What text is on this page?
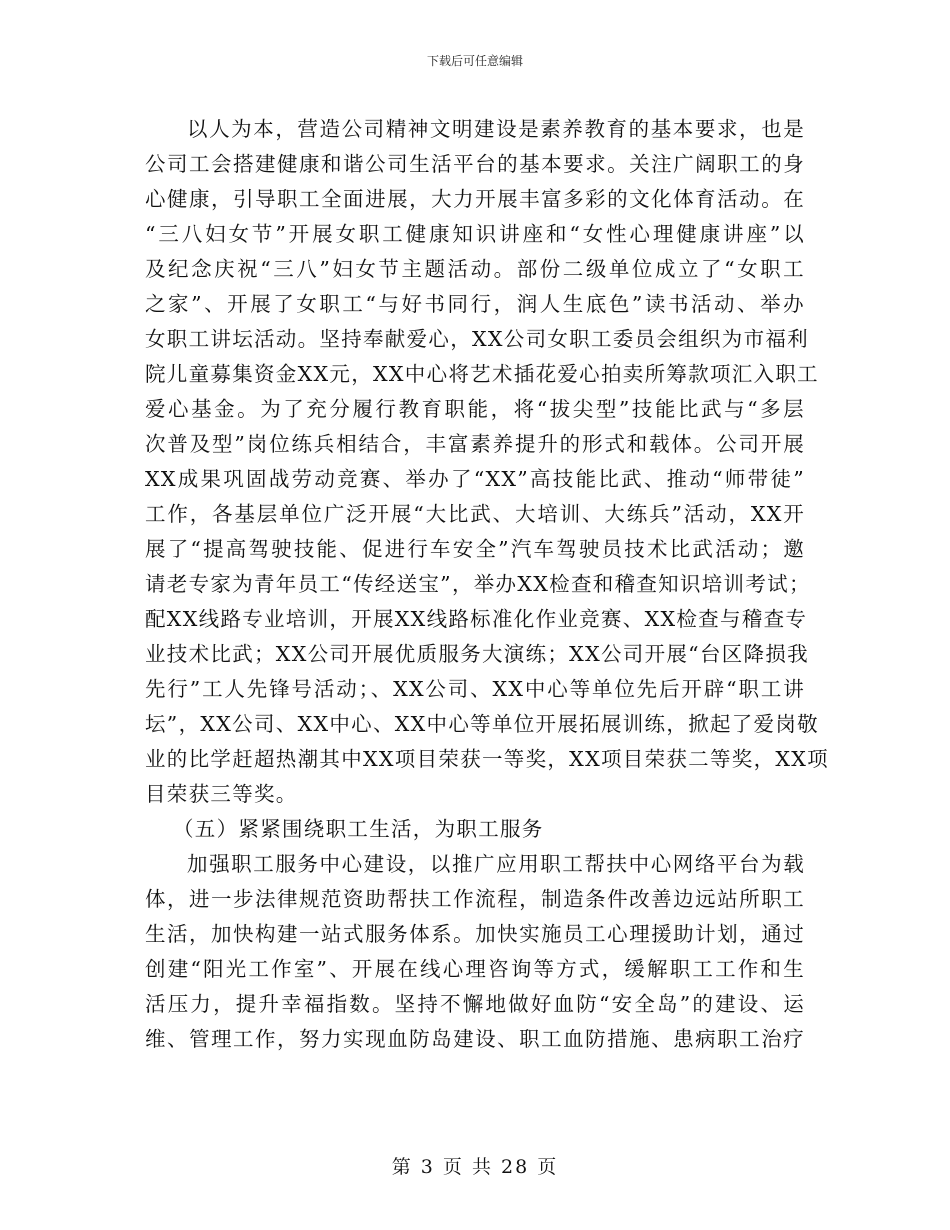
下载后可任意编辑
以人为本，营造公司精神文明建设是素养教育的基本要求，也是
公司工会搭建健康和谐公司生活平台的基本要求。关注广阔职工的身
心健康，引导职工全面进展，大力开展丰富多彩的文化体育活动。在
“三八妇女节”开展女职工健康知识讲座和“女性心理健康讲座”以
及纪念庆祝“三八”妇女节主题活动。部份二级单位成立了“女职工
之家”、开展了女职工“与好书同行，润人生底色”读书活动、举办
女职工讲坛活动。坚持奉献爱心，XX公司女职工委员会组织为市福利
院儿童募集资金XX元，XX中心将艺术插花爱心拍卖所筹款项汇入职工
爱心基金。为了充分履行教育职能，将“拔尖型”技能比武与“多层
次普及型”岗位练兵相结合，丰富素养提升的形式和载体。公司开展
XX成果巩固战劳动竞赛、举办了“XX”高技能比武、推动“师带徒”
工作，各基层单位广泛开展“大比武、大培训、大练兵”活动，XX开
展了“提高驾驶技能、促进行车安全”汽车驾驶员技术比武活动；邀
请老专家为青年员工“传经送宝”，举办XX检查和稽查知识培训考试；
配XX线路专业培训，开展XX线路标准化作业竞赛、XX检查与稽查专
业技术比武；XX公司开展优质服务大演练；XX公司开展“台区降损我
先行”工人先锋号活动；、XX公司、XX中心等单位先后开辟“职工讲
坛”，XX公司、XX中心、XX中心等单位开展拓展训练，掀起了爱岗敬
业的比学赶超热潮其中XX项目荣获一等奖，XX项目荣获二等奖，XX项
目荣获三等奖。
（五）紧紧围绕职工生活，为职工服务
加强职工服务中心建设，以推广应用职工帮扶中心网络平台为载
体，进一步法律规范资助帮扶工作流程，制造条件改善边远站所职工
生活，加快构建一站式服务体系。加快实施员工心理援助计划，通过
创建“阳光工作室”、开展在线心理咨询等方式，缓解职工工作和生
活压力，提升幸福指数。坚持不懈地做好血防“安全岛”的建设、运
维、管理工作，努力实现血防岛建设、职工血防措施、患病职工治疗
第 3 页 共 28 页
